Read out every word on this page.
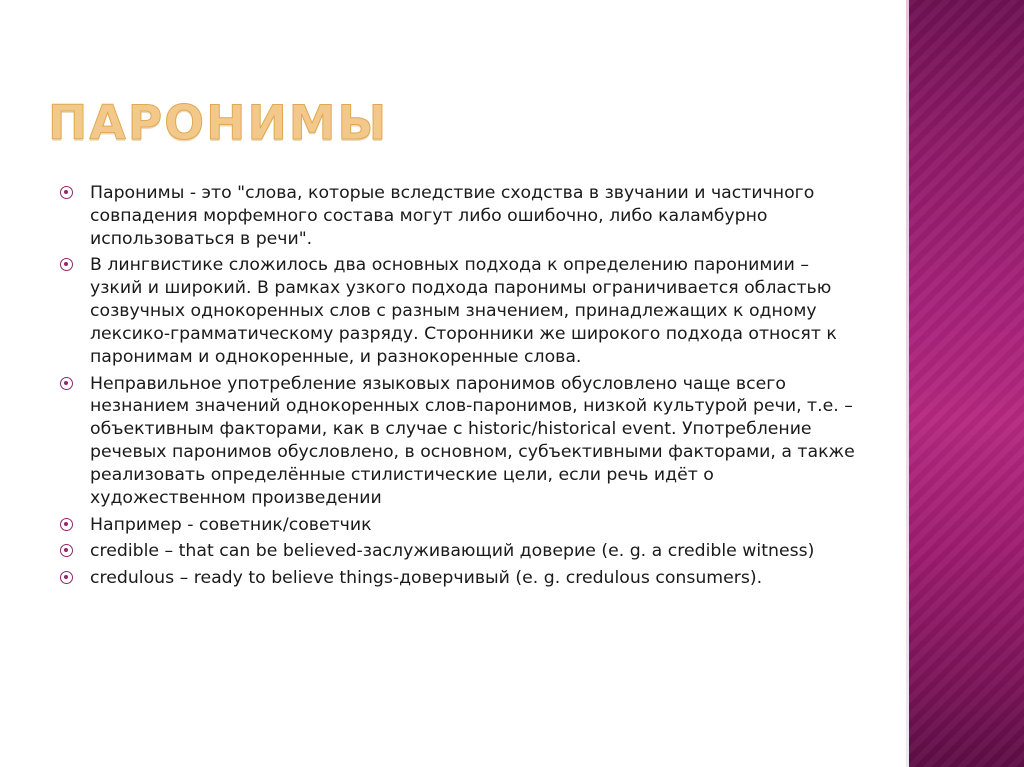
ПАРОНИМЫ
Паронимы - это "слова, которые вследствие сходства в звучании и частичного совпадения морфемного состава могут либо ошибочно, либо каламбурно использоваться в речи".
В лингвистике сложилось два основных подхода к определению паронимии – узкий и широкий. В рамках узкого подхода паронимы ограничивается областью созвучных однокоренных слов с разным значением, принадлежащих к одному лексико-грамматическому разряду. Сторонники же широкого подхода относят к паронимам и однокоренные, и разнокоренные слова.
Неправильное употребление языковых паронимов обусловлено чаще всего незнанием значений однокоренных слов-паронимов, низкой культурой речи, т.е. – объективным факторами, как в случае с historic/historical event. Употребление речевых паронимов обусловлено, в основном, субъективными факторами, а также реализовать определённые стилистические цели, если речь идёт о художественном произведении
Например - советник/советчик
credible – that can be believed-заслуживающий доверие (e. g. a credible witness)
credulous – ready to believe things-доверчивый (e. g. credulous consumers).
